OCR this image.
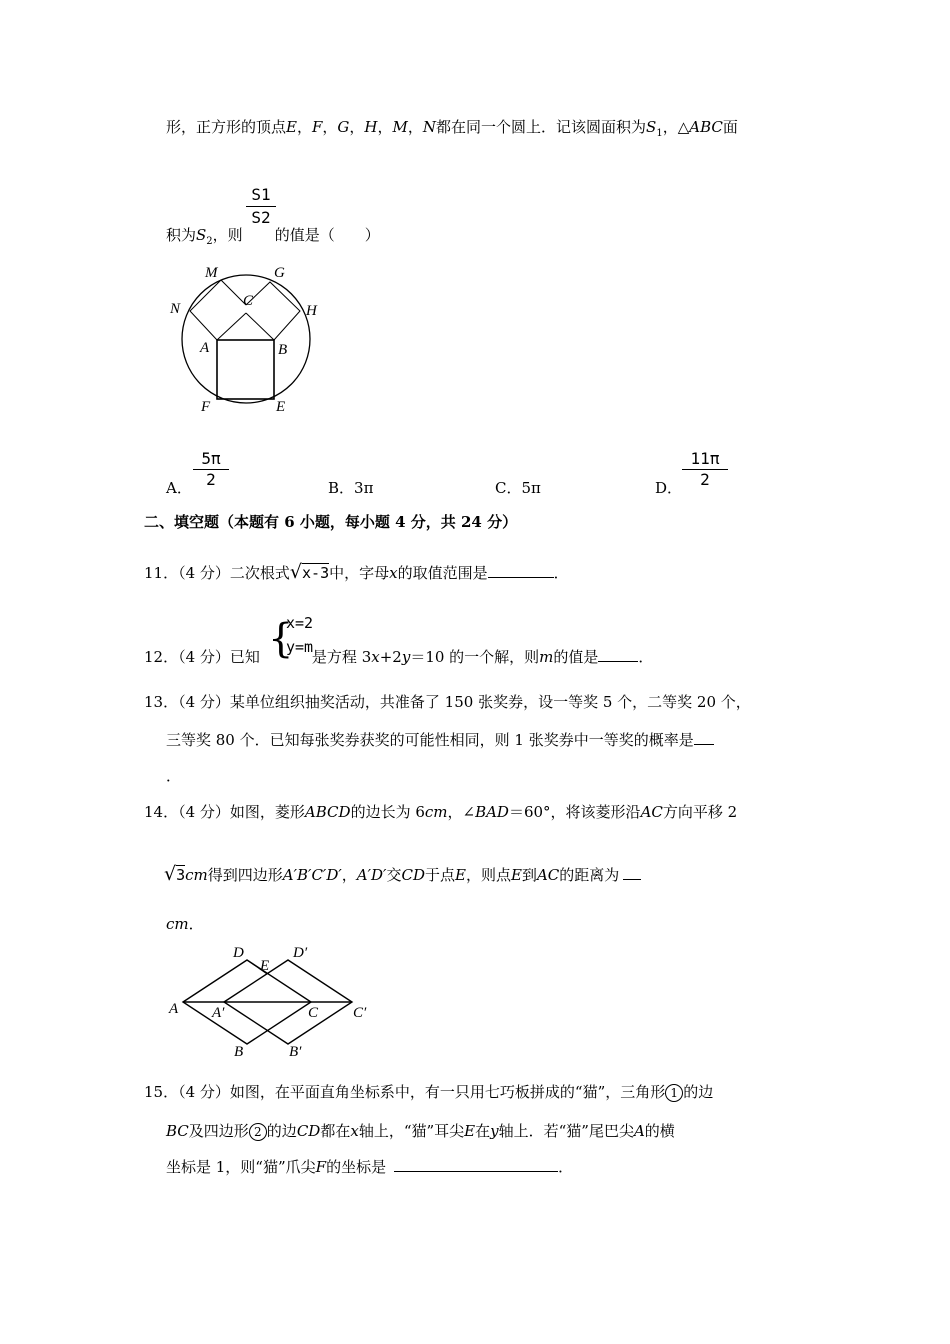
形，正方形的顶点E，F，G，H，M，N都在同一个圆上．记该圆面积为$S_1$，△ABC面
$\frac{S1}{S2}$
积为$S_2$，则 的值是（　　）
M	G
N	H
C
A	B
F	E
A． $\frac{5\pi}{2}$	B．3π	C．5π	D． $\frac{11\pi}{2}$
二、填空题（本题有 6 小题，每小题 4 分，共 24 分）
11．（4 分）二次根式√x-3中，字母x的取值范围是	．
12．（4 分）已知	是方程 3x+2y＝10 的一个解，则m的值是	．
{
x=2
y=m
13．（4 分）某单位组织抽奖活动，共准备了 150 张奖券，设一等奖 5 个，二等奖 20 个，
三等奖 80 个．已知每张奖券获奖的可能性相同，则 1 张奖券中一等奖的概率是
．
14．（4 分）如图，菱形ABCD的边长为 6cm，∠BAD＝60°，将该菱形沿AC方向平移 2
√3cm得到四边形A′B′C′D′，A′D′交CD于点E，则点E到AC的距离为
cm．
D
E
D′
A A′	C C′
B	B′
15．（4 分）如图，在平面直角坐标系中，有一只用七巧板拼成的“猫”，三角形 1 的边
BC及四边形 2 的边CD都在x轴上，“猫”耳尖E在y轴上．若“猫”尾巴尖A的横
坐标是 1，则“猫”爪尖F的坐标是	．
